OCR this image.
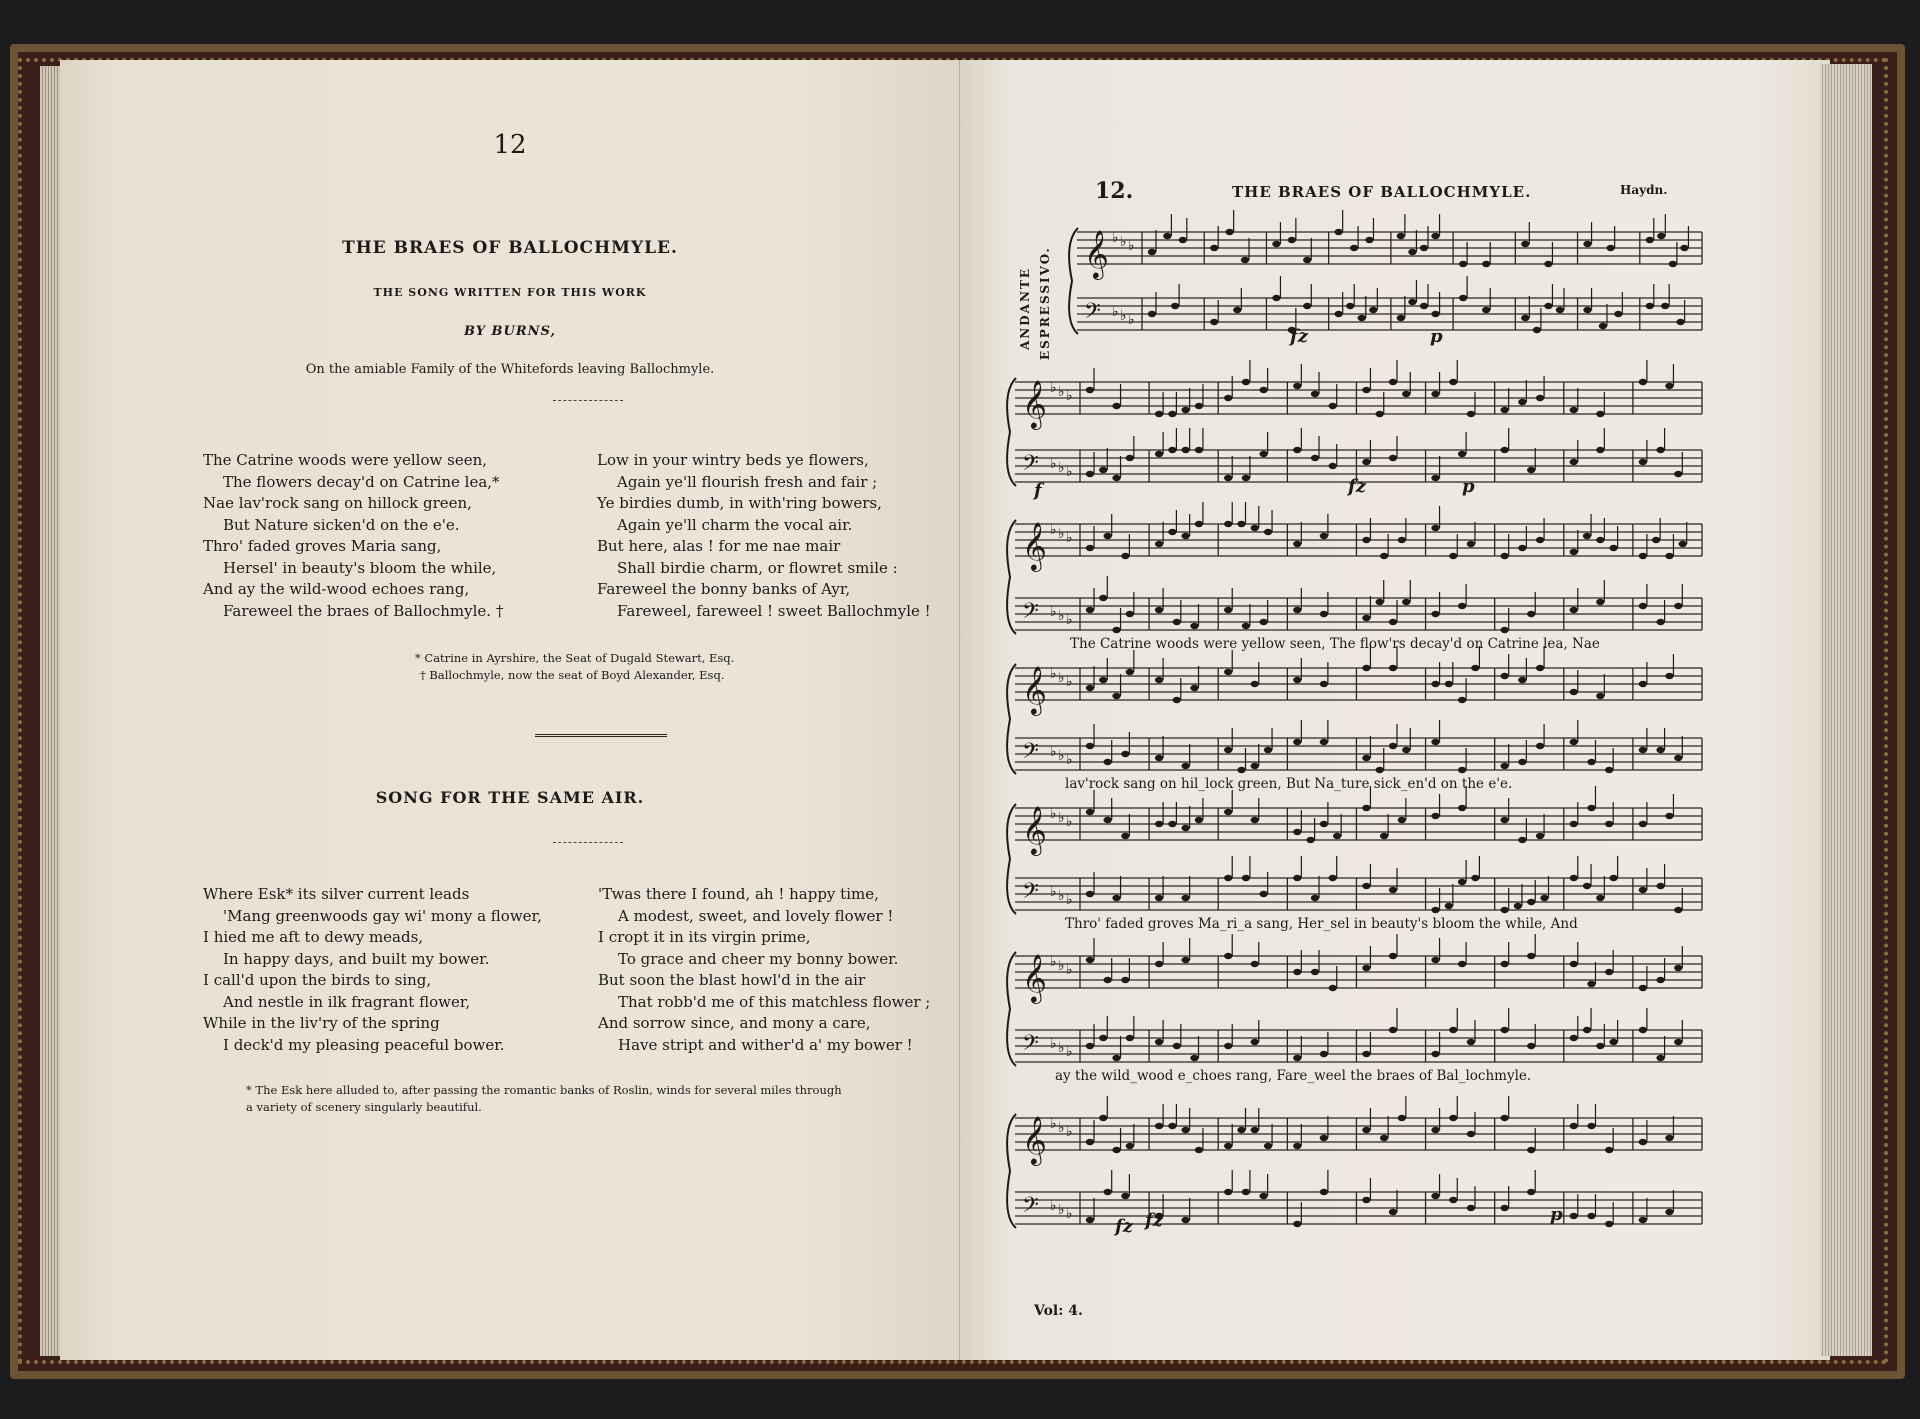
12
THE BRAES OF BALLOCHMYLE.
THE SONG WRITTEN FOR THIS WORK
BY BURNS,
On the amiable Family of the Whitefords leaving Ballochmyle.
The Catrine woods were yellow seen,
The flowers decay'd on Catrine lea,*
Nae lav'rock sang on hillock green,
But Nature sicken'd on the e'e.
Thro' faded groves Maria sang,
Hersel' in beauty's bloom the while,
And ay the wild-wood echoes rang,
Fareweel the braes of Ballochmyle. †
Low in your wintry beds ye flowers,
Again ye'll flourish fresh and fair ;
Ye birdies dumb, in with'ring bowers,
Again ye'll charm the vocal air.
But here, alas ! for me nae mair
Shall birdie charm, or flowret smile :
Fareweel the bonny banks of Ayr,
Fareweel, fareweel ! sweet Ballochmyle !
* Catrine in Ayrshire, the Seat of Dugald Stewart, Esq.
† Ballochmyle, now the seat of Boyd Alexander, Esq.
SONG FOR THE SAME AIR.
Where Esk* its silver current leads
'Mang greenwoods gay wi' mony a flower,
I hied me aft to dewy meads,
In happy days, and built my bower.
I call'd upon the birds to sing,
And nestle in ilk fragrant flower,
While in the liv'ry of the spring
I deck'd my pleasing peaceful bower.
'Twas there I found, ah ! happy time,
A modest, sweet, and lovely flower !
I cropt it in its virgin prime,
To grace and cheer my bonny bower.
But soon the blast howl'd in the air
That robb'd me of this matchless flower ;
And sorrow since, and mony a care,
Have stript and wither'd a' my bower !
* The Esk here alluded to, after passing the romantic banks of Roslin, winds for several miles through
a variety of scenery singularly beautiful.
12.	THE BRAES OF BALLOCHMYLE.	Haydn.
ANDANTE ESPRESSIVO. 𝄞 ♭ ♭ ♭
𝄢 ♭ ♭ ♭
𝄞 ♭ ♭ ♭
𝄢 ♭ ♭ ♭
𝄞 ♭ ♭ ♭
𝄢 ♭ ♭ ♭
𝄞 ♭ ♭ ♭
𝄢 ♭ ♭ ♭
𝄞 ♭ ♭ ♭
𝄢 ♭ ♭ ♭
𝄞 ♭ ♭ ♭
𝄢 ♭ ♭ ♭
𝄞 ♭ ♭ ♭
𝄢 ♭ ♭ ♭
fz	p
f	fz	p
fz fz	p
The Catrine woods were yellow seen, The flow'rs decay'd on Catrine lea, Nae
lav'rock sang on hil_lock green, But Na_ture sick_en'd on the e'e.
Thro' faded groves Ma_ri_a sang, Her_sel in beauty's bloom the while, And
ay the wild_wood e_choes rang, Fare_weel the braes of Bal_lochmyle.
Vol: 4.
